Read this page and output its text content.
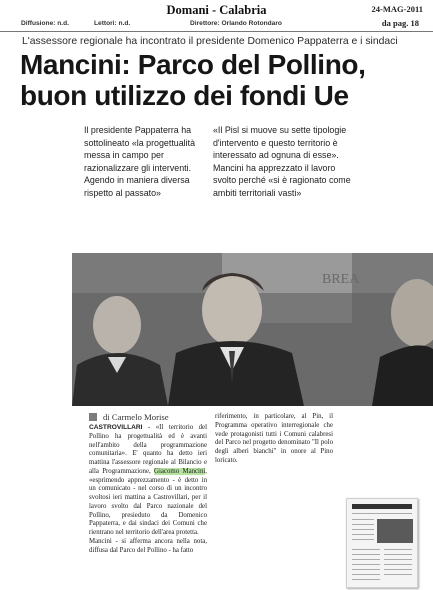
Domani - Calabria	24-MAG-2011
Diffusione: n.d.	Lettori: n.d.	Direttore: Orlando Rotondaro	da pag. 18
L'assessore regionale ha incontrato il presidente Domenico Pappaterra e i sindaci
Mancini: Parco del Pollino, buon utilizzo dei fondi Ue
Il presidente Pappaterra ha sottolineato «la progettualità messa in campo per razionalizzare gli interventi. Agendo in maniera diversa rispetto al passato»
«Il Pisl si muove su sette tipologie d'intervento e questo territorio è interessato ad ognuna di esse». Mancini ha apprezzato il lavoro svolto perché «si è ragionato come ambiti territoriali vasti»
BREA
di Carmelo Morise

CASTROVILLARI - «Il territorio del Pollino ha progettualità ed è avanti nell'ambito della programmazione comunitaria». E' quanto ha detto ieri mattina l'assessore regionale al Bilancio e alla Programmazione, Giacomo Mancini, «esprimendo apprezzamento - è detto in un comunicato - nel corso di un incontro svoltosi ieri mattina a Castrovillari, per il lavoro svolto dal Parco nazionale del Pollino, presieduto da Domenico Pappaterra, e dai sindaci dei Comuni che rientrano nel territorio dell'area protetta.

Mancini - si afferma ancora nella nota, diffusa dal Parco del Pollino - ha fatto

riferimento, in particolare, al Pin, il Programma operativo interregionale che vede protagonisti tutti i Comuni calabresi del Parco nel progetto denominato "Il polo degli alberi bianchi" in onore al Pino loricato.
